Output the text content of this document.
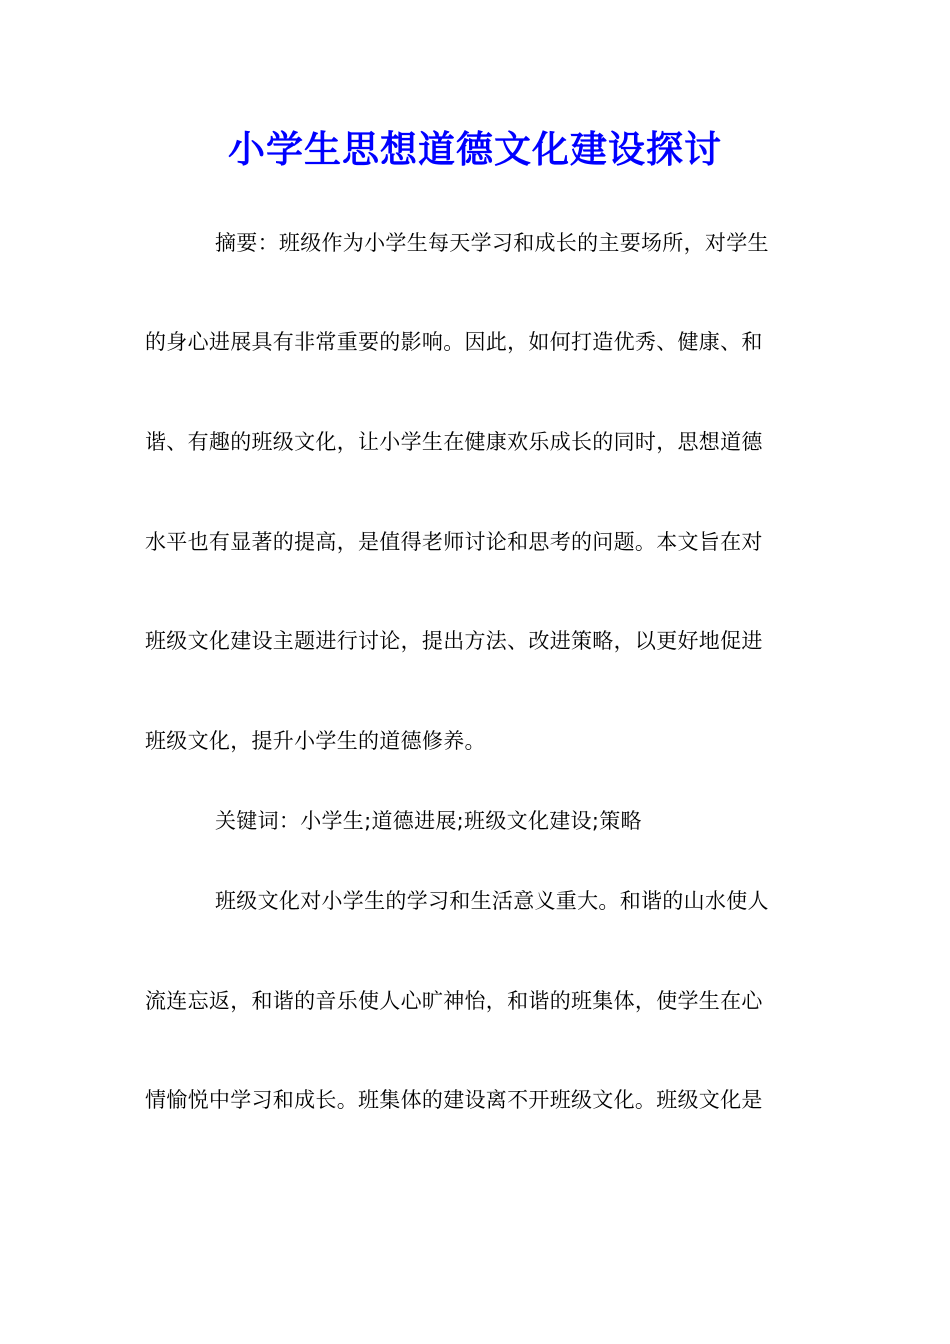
小学生思想道德文化建设探讨
摘要：班级作为小学生每天学习和成长的主要场所，对学生
的身心进展具有非常重要的影响。因此，如何打造优秀、健康、和
谐、有趣的班级文化，让小学生在健康欢乐成长的同时，思想道德
水平也有显著的提高，是值得老师讨论和思考的问题。本文旨在对
班级文化建设主题进行讨论，提出方法、改进策略，以更好地促进
班级文化，提升小学生的道德修养。
关键词：小学生;道德进展;班级文化建设;策略
班级文化对小学生的学习和生活意义重大。和谐的山水使人
流连忘返，和谐的音乐使人心旷神怡，和谐的班集体，使学生在心
情愉悦中学习和成长。班集体的建设离不开班级文化。班级文化是
